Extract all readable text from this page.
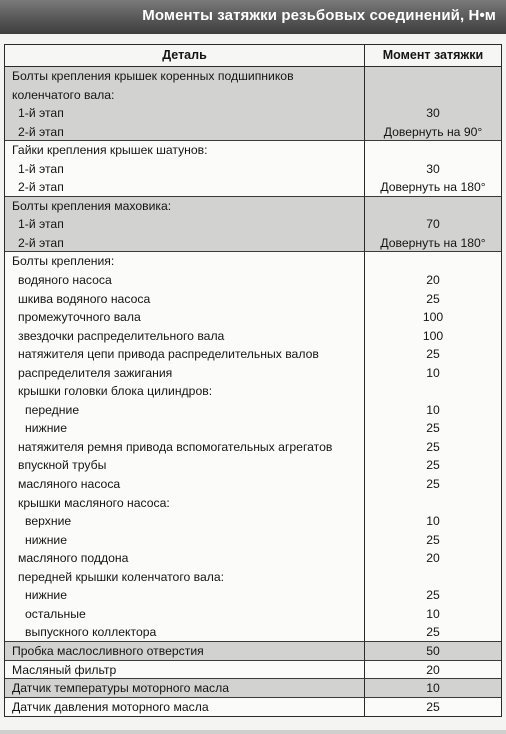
Моменты затяжки резьбовых соединений, Н•м
Деталь	Момент затяжки
Болты крепления крышек коренных подшипников
коленчатого вала:
1-й этап	30
2-й этап	Довернуть на 90°
Гайки крепления крышек шатунов:
1-й этап	30
2-й этап	Довернуть на 180°
Болты крепления маховика:
1-й этап	70
2-й этап	Довернуть на 180°
Болты крепления:
водяного насоса	20
шкива водяного насоса	25
промежуточного вала	100
звездочки распределительного вала	100
натяжителя цепи привода распределительных валов	25
распределителя зажигания	10
крышки головки блока цилиндров:
передние	10
нижние	25
натяжителя ремня привода вспомогательных агрегатов	25
впускной трубы	25
масляного насоса	25
крышки масляного насоса:
верхние	10
нижние	25
масляного поддона	20
передней крышки коленчатого вала:
нижние	25
остальные	10
выпускного коллектора	25
Пробка маслосливного отверстия	50
Масляный фильтр	20
Датчик температуры моторного масла	10
Датчик давления моторного масла	25
